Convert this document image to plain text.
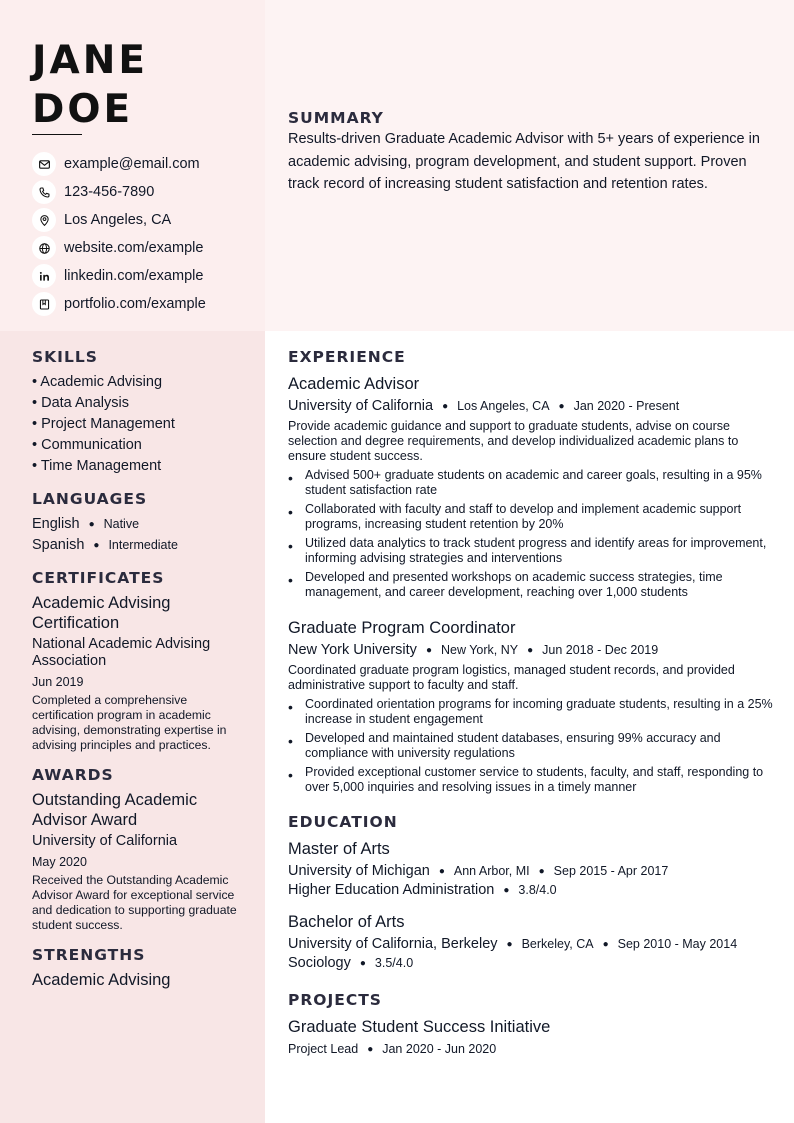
JANE
DOE
example@email.com
123-456-7890
Los Angeles, CA
website.com/example
linkedin.com/example
portfolio.com/example
SUMMARY
Results-driven Graduate Academic Advisor with 5+ years of experience in academic advising, program development, and student support. Proven track record of increasing student satisfaction and retention rates.
SKILLS
• Academic Advising
• Data Analysis
• Project Management
• Communication
• Time Management
LANGUAGES
English ● Native
Spanish ● Intermediate
CERTIFICATES
Academic Advising Certification
National Academic Advising Association
Jun 2019
Completed a comprehensive certification program in academic advising, demonstrating expertise in advising principles and practices.
AWARDS
Outstanding Academic Advisor Award
University of California
May 2020
Received the Outstanding Academic Advisor Award for exceptional service and dedication to supporting graduate student success.
STRENGTHS
Academic Advising
EXPERIENCE
Academic Advisor
University of California ● Los Angeles, CA ● Jan 2020 - Present
Provide academic guidance and support to graduate students, advise on course selection and degree requirements, and develop individualized academic plans to ensure student success.
• Advised 500+ graduate students on academic and career goals, resulting in a 95% student satisfaction rate
• Collaborated with faculty and staff to develop and implement academic support programs, increasing student retention by 20%
• Utilized data analytics to track student progress and identify areas for improvement, informing advising strategies and interventions
• Developed and presented workshops on academic success strategies, time management, and career development, reaching over 1,000 students
Graduate Program Coordinator
New York University ● New York, NY ● Jun 2018 - Dec 2019
Coordinated graduate program logistics, managed student records, and provided administrative support to faculty and staff.
• Coordinated orientation programs for incoming graduate students, resulting in a 25% increase in student engagement
• Developed and maintained student databases, ensuring 99% accuracy and compliance with university regulations
• Provided exceptional customer service to students, faculty, and staff, responding to over 5,000 inquiries and resolving issues in a timely manner
EDUCATION
Master of Arts
University of Michigan ● Ann Arbor, MI ● Sep 2015 - Apr 2017
Higher Education Administration ● 3.8/4.0
Bachelor of Arts
University of California, Berkeley ● Berkeley, CA ● Sep 2010 - May 2014
Sociology ● 3.5/4.0
PROJECTS
Graduate Student Success Initiative
Project Lead ● Jan 2020 - Jun 2020
